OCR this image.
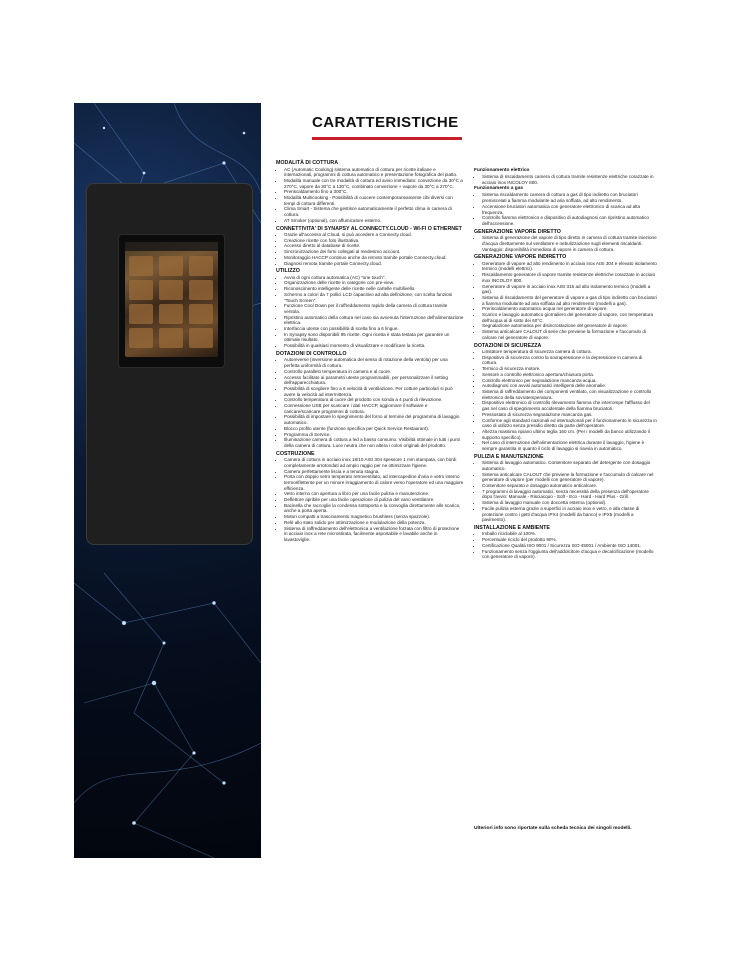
CARATTERISTICHE
MODALITÀ DI COTTURA
• AC (Automatic Cooking) sistema automatico di cottura per ricette italiane e internazionali, programmi di cottura automatico e presentazione fotografica del piatto.
• Modalità manuale con tre modalità di cottura ed avvio immediato: convezione da 30°C a 270°C, vapore da 30°C a 130°C, combinato convezione + vapore da 30°C a 270°C.
• Preriscaldamento fino a 300°C.
• Modalità Multicooking - Possibilità di cuocere contemporaneamente cibi diversi con tempi di cottura differenti.
• Clima Smart - Sistema che gestisce automaticamente il perfetto clima in camera di cottura.
• AT Smoker (optional), con affumicatore esterno.
CONNETTIVITA' DI SYNAPSY AL CONNECTY.CLOUD - WI-FI O ETHERNET
• Grazie all'accesso al Cloud, si può accedere a Connecty.cloud.
• Creazione ricette con foto illustrativa.
• Accesso diretto al database di ricette.
• Sincronizzazione dei forni collegati al medesimo account.
• Monitoraggio HACCP continuo anche da remoto tramite portale Connecty.cloud.
• Diagnosi remota tramite portale Connecty.cloud.
UTILIZZO
• Avvio di ogni cottura automatica (AC) "one touch".
• Organizzazione delle ricette in categorie con pre-view.
• Riconoscimento intelligente delle ricette nelle cartelle multilivello.
• Schermo a colori da 7 pollici LCD capacitivo ad alta definizione, con scelta funzioni "Touch Screen".
• Funzione Cool Down per il raffreddamento rapido della camera di cottura tramite ventola.
• Ripristino automatico della cottura nel caso sia avvenuta l'interruzione dell'alimentazione elettrica.
• Interfaccia utente con possibilità di scelta fino a 6 lingue.
• In Synapsy sono disponibili 95 ricette. Ogni ricetta è stata testata per garantire un ottimale risultato.
• Possibilità in qualsiasi momento di visualizzare e modificare la ricetta.
DOTAZIONI DI CONTROLLO
• Autoreverse (inversione automatica del senso di rotazione della ventola) per una perfetta uniformità di cottura.
• Controllo parallelo temperatura in camera e al cuore.
• Accesso facilitato ai parametri utente programmabili, per personalizzare il setting dell'apparecchiatura.
• Possibilità di scegliere fino a 6 velocità di ventilazione. Per cotture particolari si può avere la velocità ad intermittenza.
• Controllo temperatura al cuore del prodotto con sonda a 4 punti di rilevazione.
• Connessione USB per scaricare i dati HACCP, aggiornare il software e caricare/scaricare programmi di cottura.
• Possibilità di impostare lo spegnimento del forno al termine del programma di lavaggio automatico.
• Blocco profilo utente (funzione specifica per Quick Service Restaurant).
• Programma di Service.
• Illuminazione camera di cottura a led a basso consumo. Visibilità ottimale in tutti i punti della camera di cottura. Luce neutra che non altera i colori originali del prodotto.
COSTRUZIONE
• Camera di cottura in acciaio inox 18/10 AISI 304 spessore 1 mm stampata, con bordi completamente arrotondati ad ampio raggio per ne ottimizzare l'igiene.
• Camera perfettamente liscia e a tenuta stagna.
• Porta con doppio vetro temperato retroventilato, ad intercapedine d'aria e vetro interno termoriflettente per un minore irraggiamento di calore verso l'operatore ed una maggiore efficienza.
• Vetro interno con apertura a libro per una facile pulizia e manutenzione.
• Deflettore apribile per una facile operazione di pulizia del vano ventilatore.
• Bacinella che raccoglie la condensa sottoporta e la convoglia direttamente allo scarico, anche a porta aperta.
• Motori compatti a trascinamento magnetico brushless (senza spazzole).
• Relè allo stato solido per ottimizzazione e modulazione della potenza.
• Sistema di raffreddamento dell'elettronica a ventilazione forzata con filtro di protezione in acciaio inox a rete microstirata, facilmente asportabile e lavabile anche in lavastoviglie.
Funzionamento elettrico
• Sistema di riscaldamento camera di cottura tramite resistenze elettriche corazzate in acciaio inox INCOLOY 800.
Funzionamento a gas
• Sistema riscaldamento camera di cottura a gas di tipo indiretto con bruciatori premiscelati a fiamma modulante ad aria soffiata, ad alto rendimento.
• Accensione bruciatori automatica con generatore elettronico di scarica ad alta frequenza.
• Controllo fiamma elettronico e dispositivo di autodiagnosi con ripristino automatico dell'accensione.
GENERAZIONE VAPORE DIRETTO
• Sistema di generazione del vapore di tipo diretto in camera di cottura tramite iniezione d'acqua direttamente sul ventilatore e nebulizzazione sugli elementi riscaldanti. Vantaggio: disponibilità immediata di vapore in camera di cottura.
GENERAZIONE VAPORE INDIRETTO
• Generatore di vapore ad alto rendimento in acciaio inox AISI 304 e elevato isolamento termico (modelli elettrici).
• Riscaldamento generatore di vapore tramite resistenze elettriche corazzate in acciaio inox INCOLOY 800.
• Generatore di vapore in acciaio inox AISI 316 ad alto isolamento termico (modelli a gas).
• Sistema di riscaldamento del generatore di vapore a gas di tipo indiretto con bruciatori a fiamma modulante ad aria soffiata ad alto rendimento (modelli a gas).
• Preriscaldamento automatico acqua nel generatore di vapore.
• Scarico e lavaggio automatico giornaliero del generatore di vapore, con temperatura dell'acqua al di sotto dei 60°C.
• Segnalazione automatica per disincrostazione del generatore di vapore.
• Sistema anticalcare CALOUT di serie che previene la formazione e l'accumulo di calcare nel generatore di vapore.
DOTAZIONI DI SICUREZZA
• Limitatore temperatura di sicurezza camera di cottura.
• Dispositivo di sicurezza contro la sovrapressione e la depressione in camera di cottura.
• Termico di sicurezza motore.
• Sensore a controllo elettronico apertura/chiusura porta.
• Controllo elettronico per segnalazione mancanza acqua.
• Autodiagnosi con avvisi automatici intelligenti delle anomalie.
• Sistema di raffreddamento dei componenti ventilato, con visualizzazione e controllo elettronico della sovratemperatura.
• Dispositivo elettronico di controllo rilevamento fiamma che interrompe l'afflusso del gas nel caso di spegnimento accidentale della fiamma bruciatori.
• Pressostato di sicurezza segnalazione mancanza gas.
• Conforme agli standard nazionali ed internazionali per il funzionamento in sicurezza in caso di utilizzo senza presidio diretto da parte dell'operatore.
• Altezza massima ripiano ultimo teglia 160 cm. (Per i modelli da banco utilizzando il supporto specifico).
• Nel caso di interruzione dell'alimentazione elettrica durante il lavaggio, l'igiene è sempre garantita in quanto il ciclo di lavaggio si riavvia in automatico.
PULIZIA E MANUTENZIONE
• Sistema di lavaggio automatico. Contenitore separato del detergente con dosaggio automatico.
• Sistema anticalcare CALOUT che previene la formazione e l'accumulo di calcare nel generatore di vapore (per modelli con generatore di vapore).
• Contenitore separato e dosaggio automatico anticalcare.
• 7 programmi di lavaggio automatici, senza necessità della presenza dell'operatore dopo l'avvio: Manuale - Risciacquo - Soft - Eco - Hard - Hard Plus - Grill.
• Sistema di lavaggio manuale con doccetta esterna (optional).
• Facile pulizia esterna grazie a superfici in acciaio inox e vetro, e alla classe di protezione contro i getti d'acqua IPX4 (modelli da banco) e IPX5 (modelli a pavimento).
INSTALLAZIONE E AMBIENTE
• Imballo riciclabile al 100%.
• Percentuale riciclo del prodotto 90%.
• Certificazione Qualità ISO 9001 / Sicurezza ISO 45001 / Ambiente ISO 14001.
• Funzionamento senza l'oggiunta dell'addolcitore d'acqua e decalcificazione (modello con generatore di vapore).
Ulteriori info sono riportate sulla scheda tecnica dei singoli modelli.
